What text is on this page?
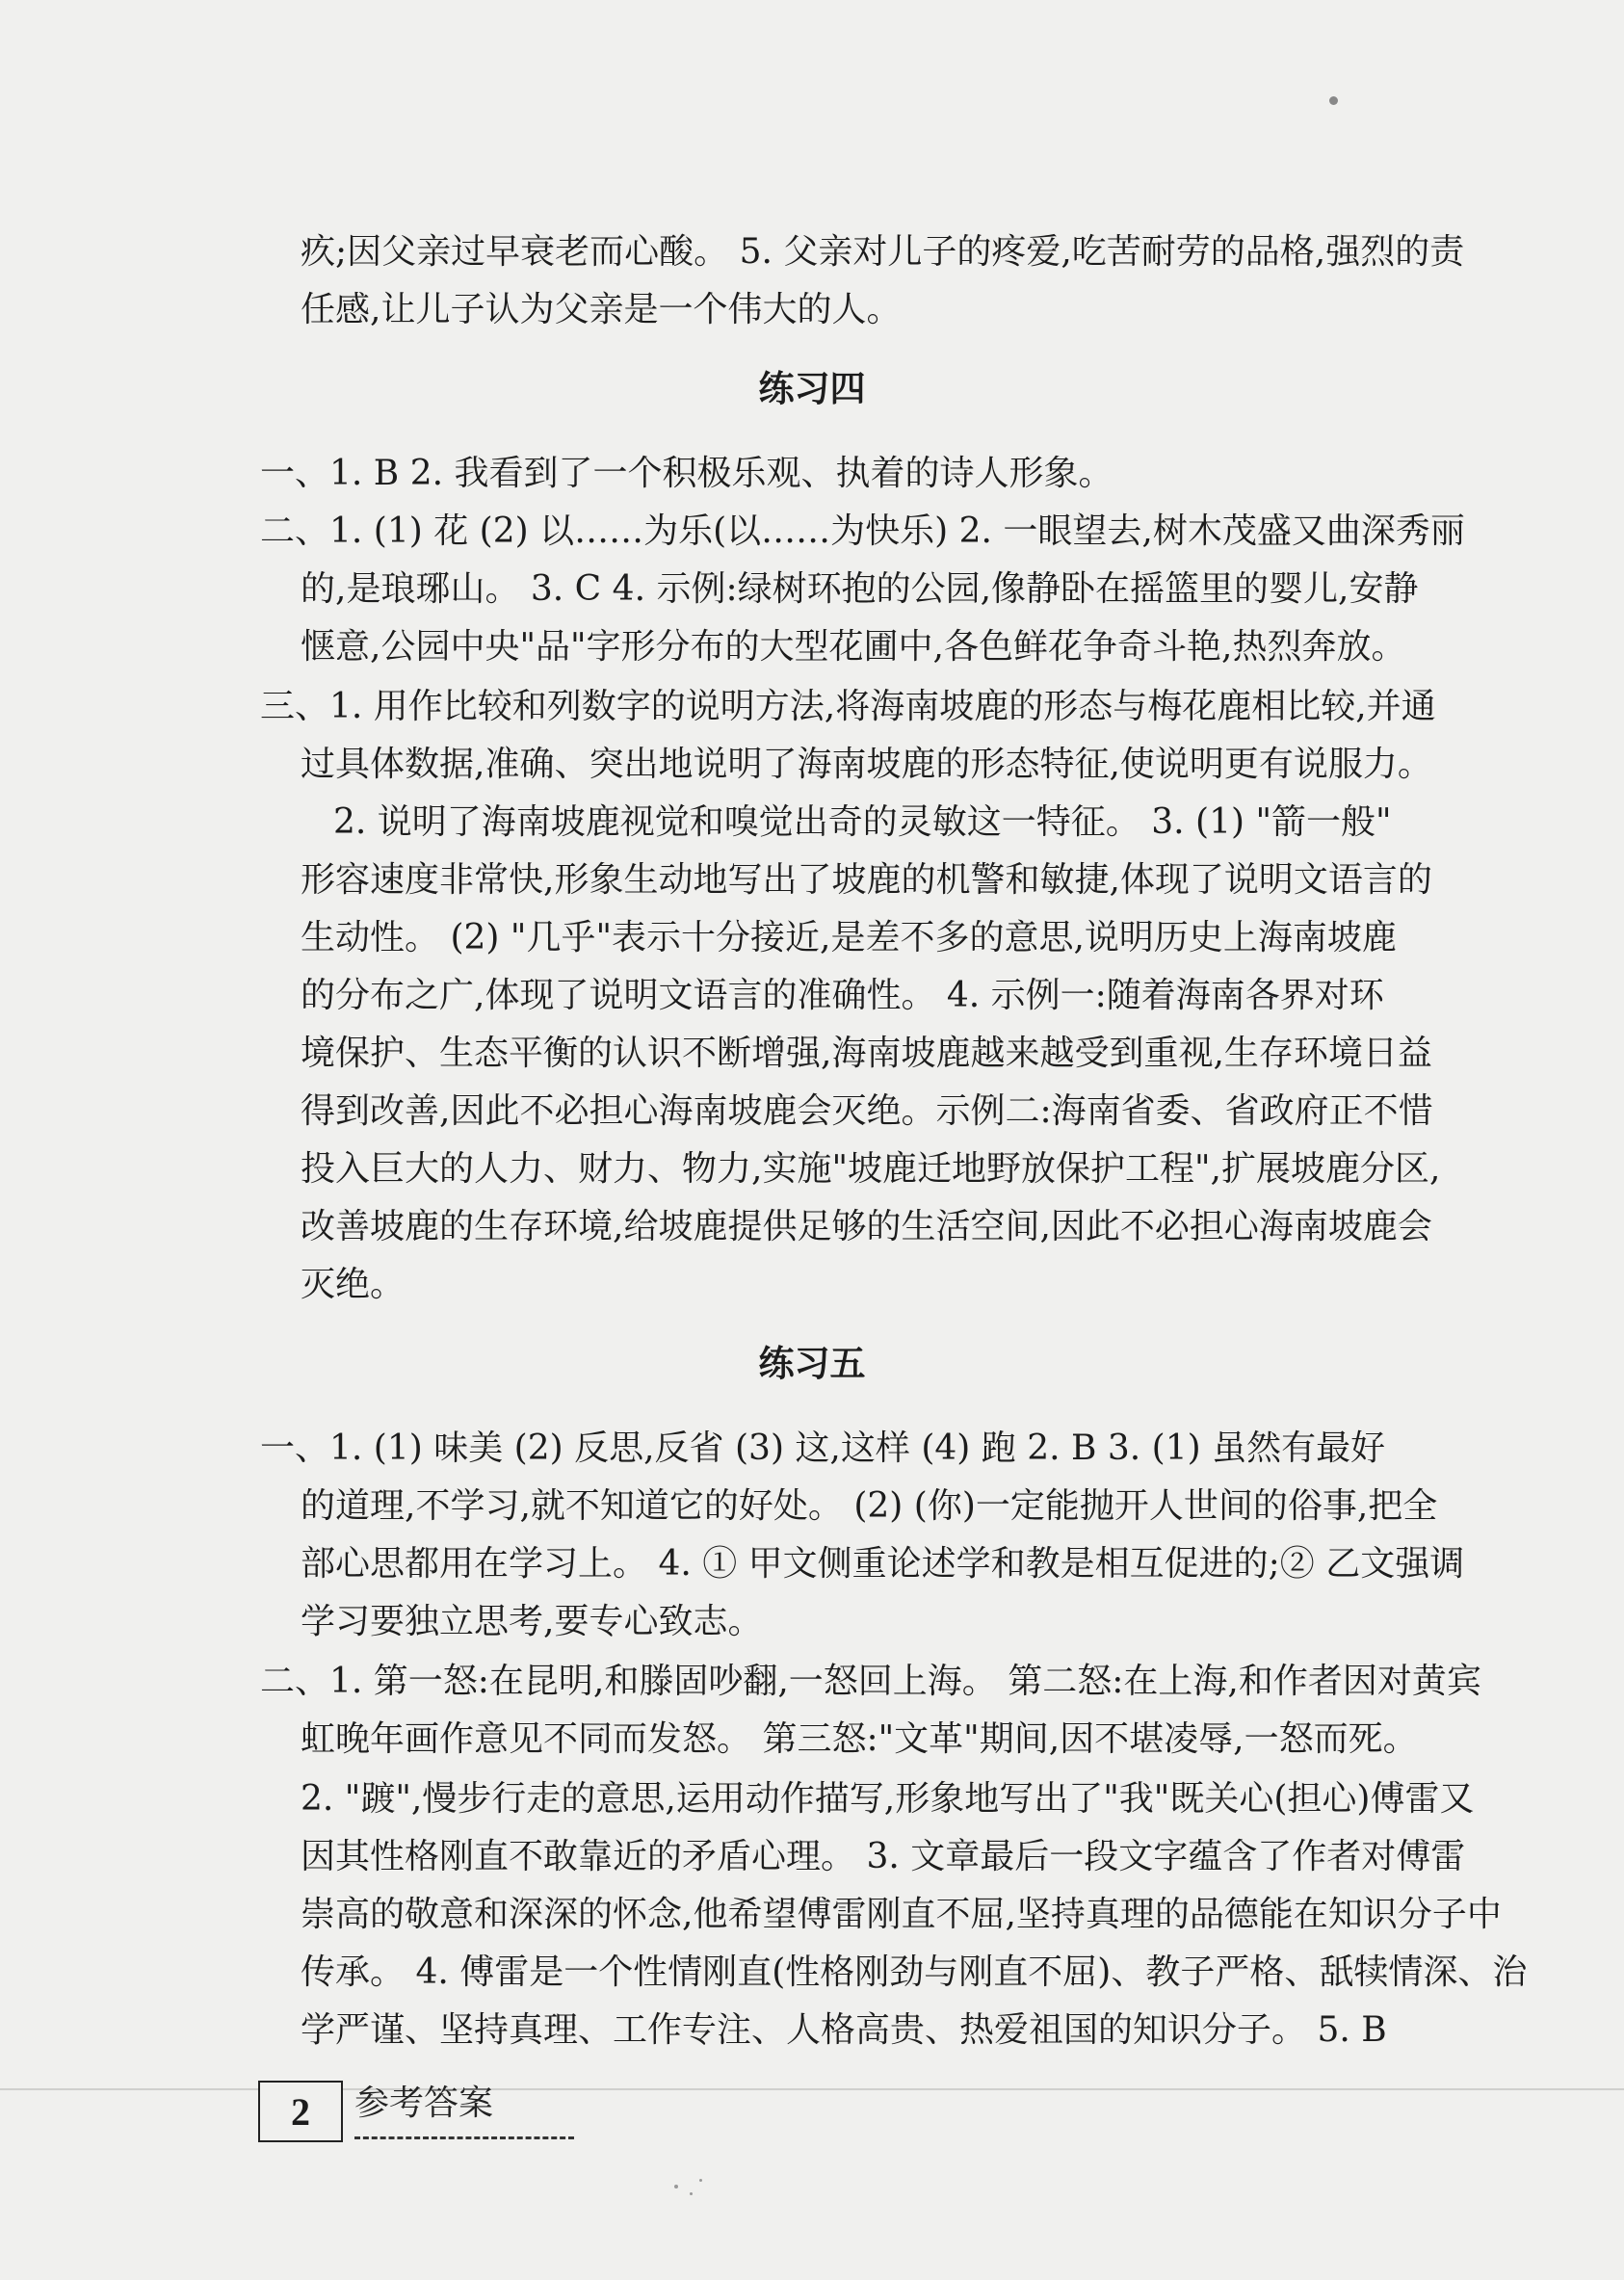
疚;因父亲过早衰老而心酸。 5. 父亲对儿子的疼爱,吃苦耐劳的品格,强烈的责

任感,让儿子认为父亲是一个伟大的人。

练习四

一、1. B 2. 我看到了一个积极乐观、执着的诗人形象。

二、1. (1) 花 (2) 以……为乐(以……为快乐) 2. 一眼望去,树木茂盛又曲深秀丽

的,是琅琊山。 3. C 4. 示例:绿树环抱的公园,像静卧在摇篮里的婴儿,安静

惬意,公园中央"品"字形分布的大型花圃中,各色鲜花争奇斗艳,热烈奔放。

三、1. 用作比较和列数字的说明方法,将海南坡鹿的形态与梅花鹿相比较,并通

过具体数据,准确、突出地说明了海南坡鹿的形态特征,使说明更有说服力。

2. 说明了海南坡鹿视觉和嗅觉出奇的灵敏这一特征。 3. (1) "箭一般"

形容速度非常快,形象生动地写出了坡鹿的机警和敏捷,体现了说明文语言的

生动性。 (2) "几乎"表示十分接近,是差不多的意思,说明历史上海南坡鹿

的分布之广,体现了说明文语言的准确性。 4. 示例一:随着海南各界对环

境保护、生态平衡的认识不断增强,海南坡鹿越来越受到重视,生存环境日益

得到改善,因此不必担心海南坡鹿会灭绝。示例二:海南省委、省政府正不惜

投入巨大的人力、财力、物力,实施"坡鹿迁地野放保护工程",扩展坡鹿分区,

改善坡鹿的生存环境,给坡鹿提供足够的生活空间,因此不必担心海南坡鹿会

灭绝。

练习五

一、1. (1) 味美 (2) 反思,反省 (3) 这,这样 (4) 跑 2. B 3. (1) 虽然有最好

的道理,不学习,就不知道它的好处。 (2) (你)一定能抛开人世间的俗事,把全

部心思都用在学习上。 4. ① 甲文侧重论述学和教是相互促进的;② 乙文强调

学习要独立思考,要专心致志。

二、1. 第一怒:在昆明,和滕固吵翻,一怒回上海。 第二怒:在上海,和作者因对黄宾

虹晚年画作意见不同而发怒。 第三怒:"文革"期间,因不堪凌辱,一怒而死。

2. "踱",慢步行走的意思,运用动作描写,形象地写出了"我"既关心(担心)傅雷又

因其性格刚直不敢靠近的矛盾心理。 3. 文章最后一段文字蕴含了作者对傅雷

崇高的敬意和深深的怀念,他希望傅雷刚直不屈,坚持真理的品德能在知识分子中

传承。 4. 傅雷是一个性情刚直(性格刚劲与刚直不屈)、教子严格、舐犊情深、治

学严谨、坚持真理、工作专注、人格高贵、热爱祖国的知识分子。 5. B

2	参考答案
